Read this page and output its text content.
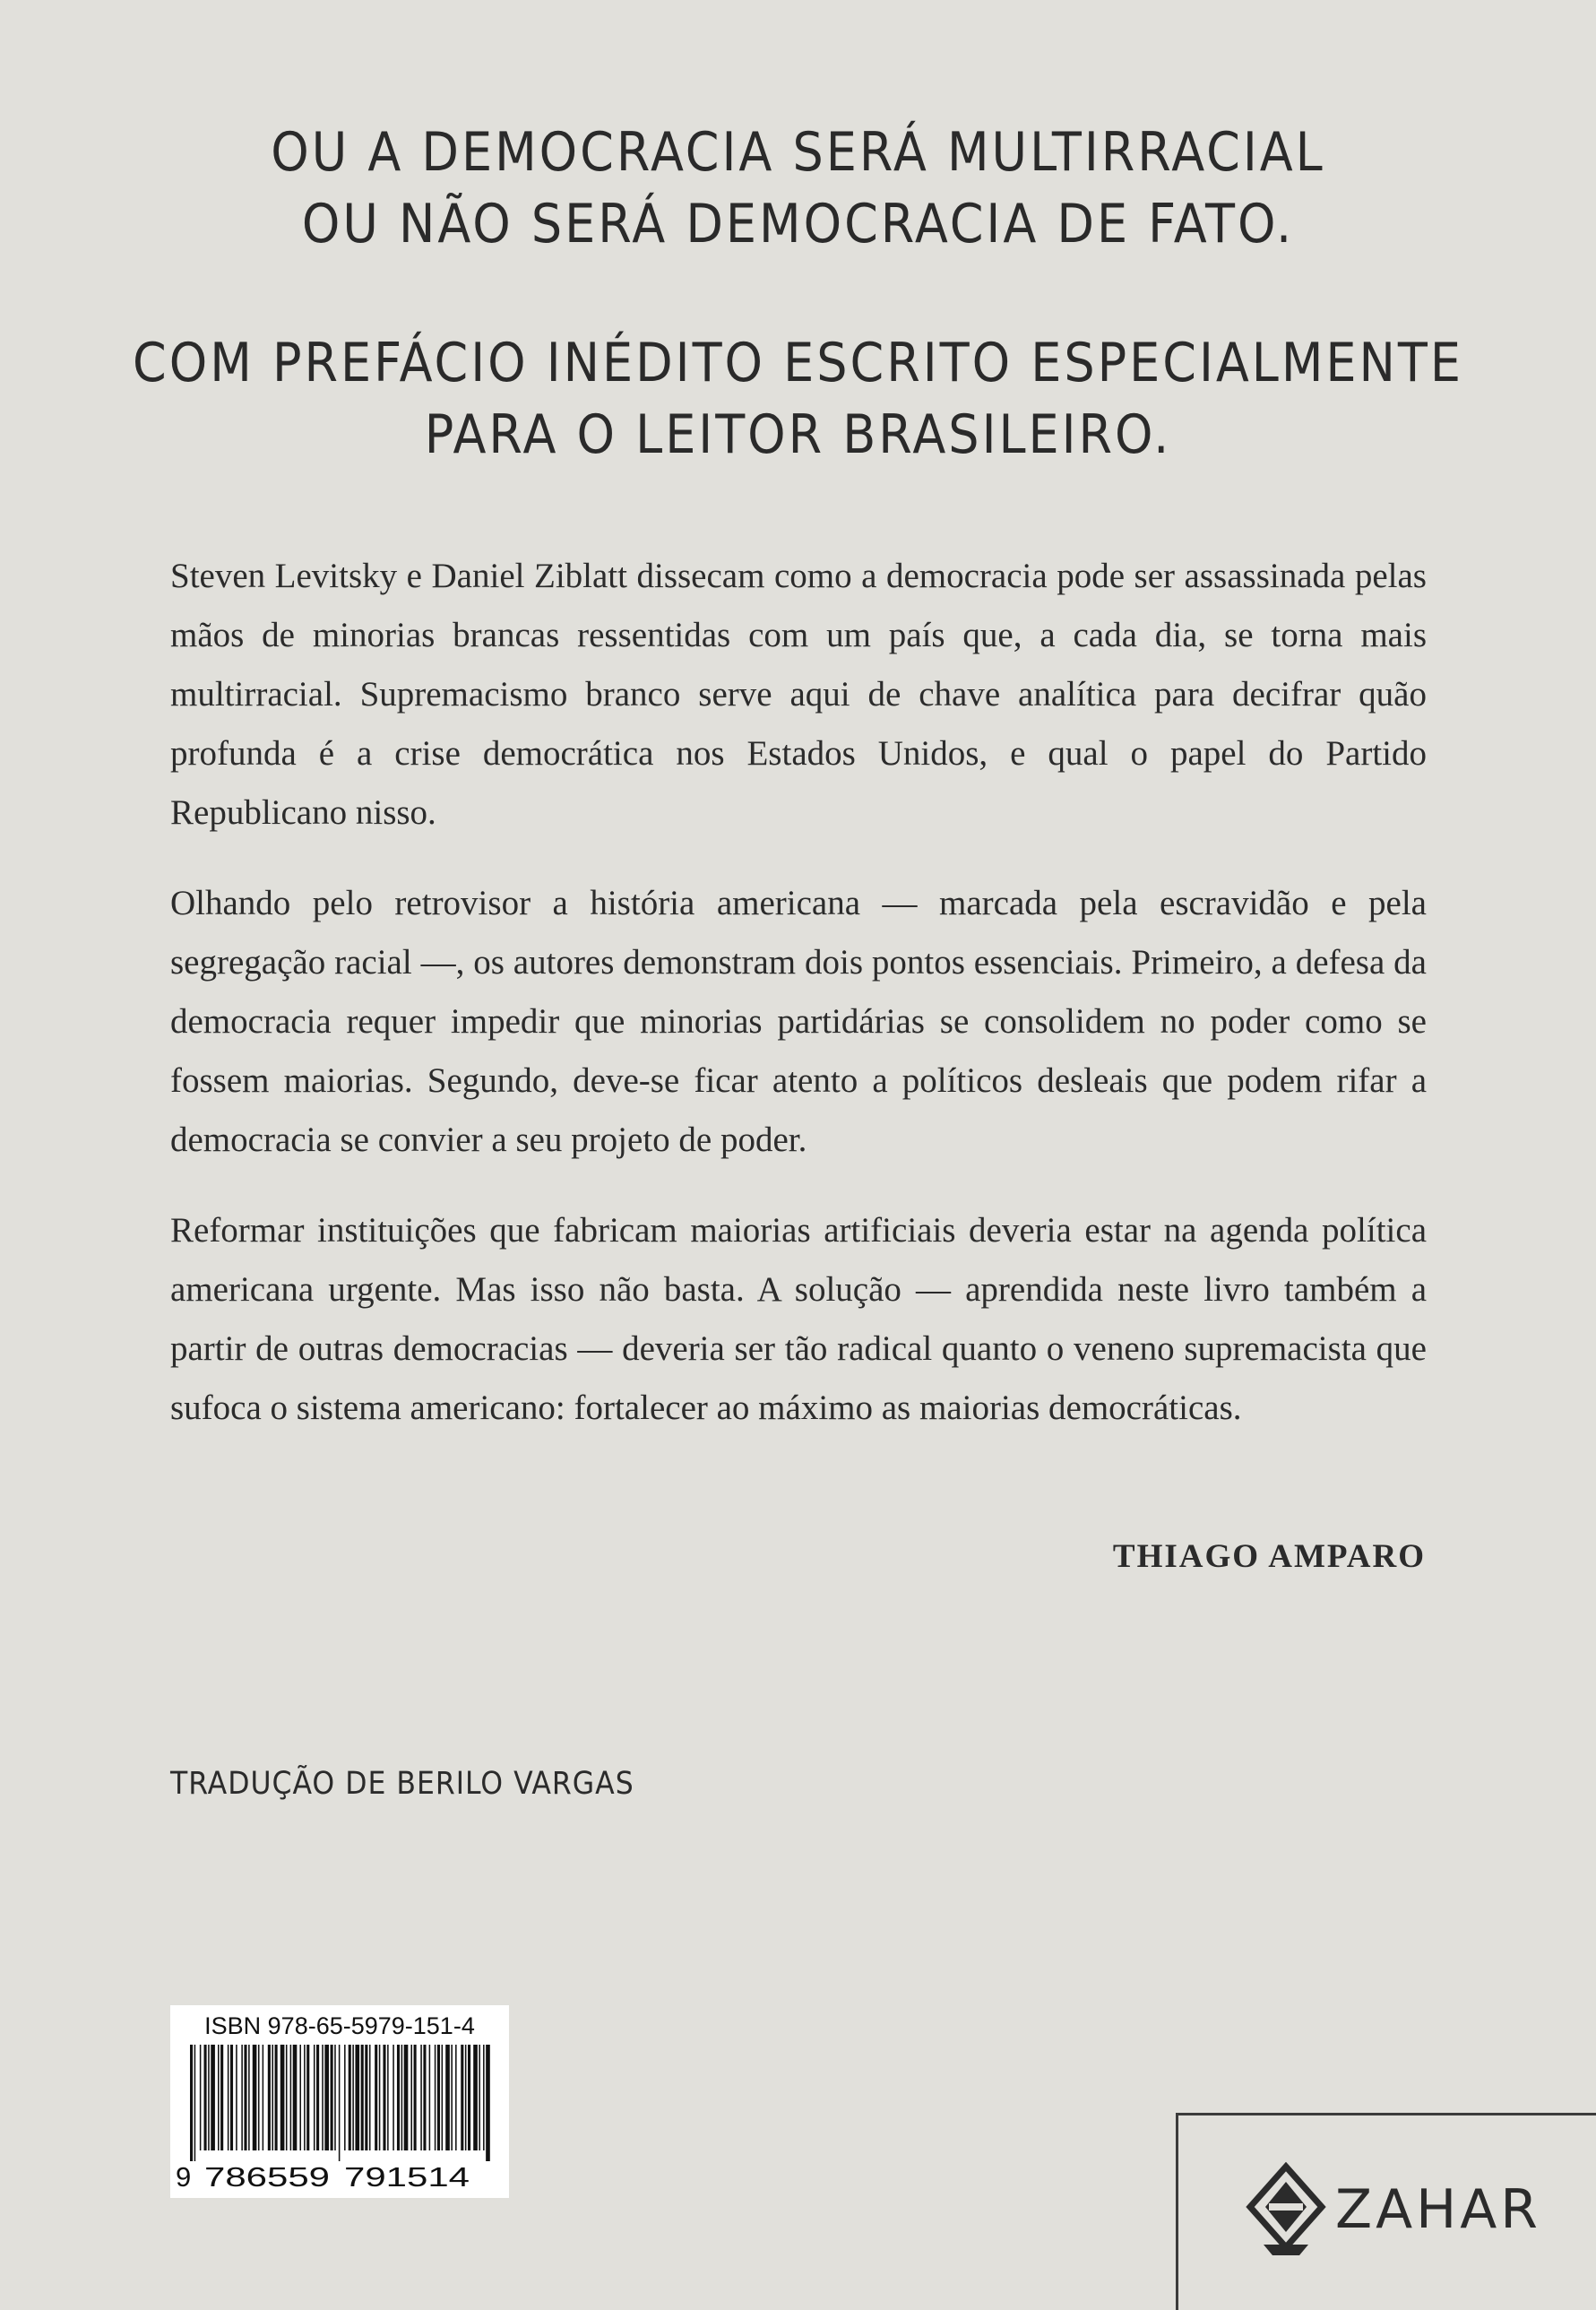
OU A DEMOCRACIA SERÁ MULTIRRACIAL
OU NÃO SERÁ DEMOCRACIA DE FATO.
COM PREFÁCIO INÉDITO ESCRITO ESPECIALMENTE
PARA O LEITOR BRASILEIRO.

Steven Levitsky e Daniel Ziblatt dissecam como a democracia pode ser assassinada pelas mãos de minorias brancas ressentidas com um país que, a cada dia, se torna mais multirracial. Supremacismo branco serve aqui de chave analítica para decifrar quão profunda é a crise democrática nos Estados Unidos, e qual o papel do Partido Republicano nisso.

Olhando pelo retrovisor a história americana — marcada pela escravidão e pela segregação racial —, os autores demonstram dois pontos essenciais. Primeiro, a defesa da democracia requer impedir que minorias partidárias se consolidem no poder como se fossem maiorias. Segundo, deve-se ficar atento a políticos desleais que podem rifar a democracia se convier a seu projeto de poder.

Reformar instituições que fabricam maiorias artificiais deveria estar na agenda política americana urgente. Mas isso não basta. A solução — aprendida neste livro também a partir de outras democracias — deveria ser tão radical quanto o veneno supremacista que sufoca o sistema americano: fortalecer ao máximo as maiorias democráticas.

THIAGO AMPARO
TRADUÇÃO DE BERILO VARGAS
ISBN 978-65-5979-151-4
9 786559 791514
ZAHAR
